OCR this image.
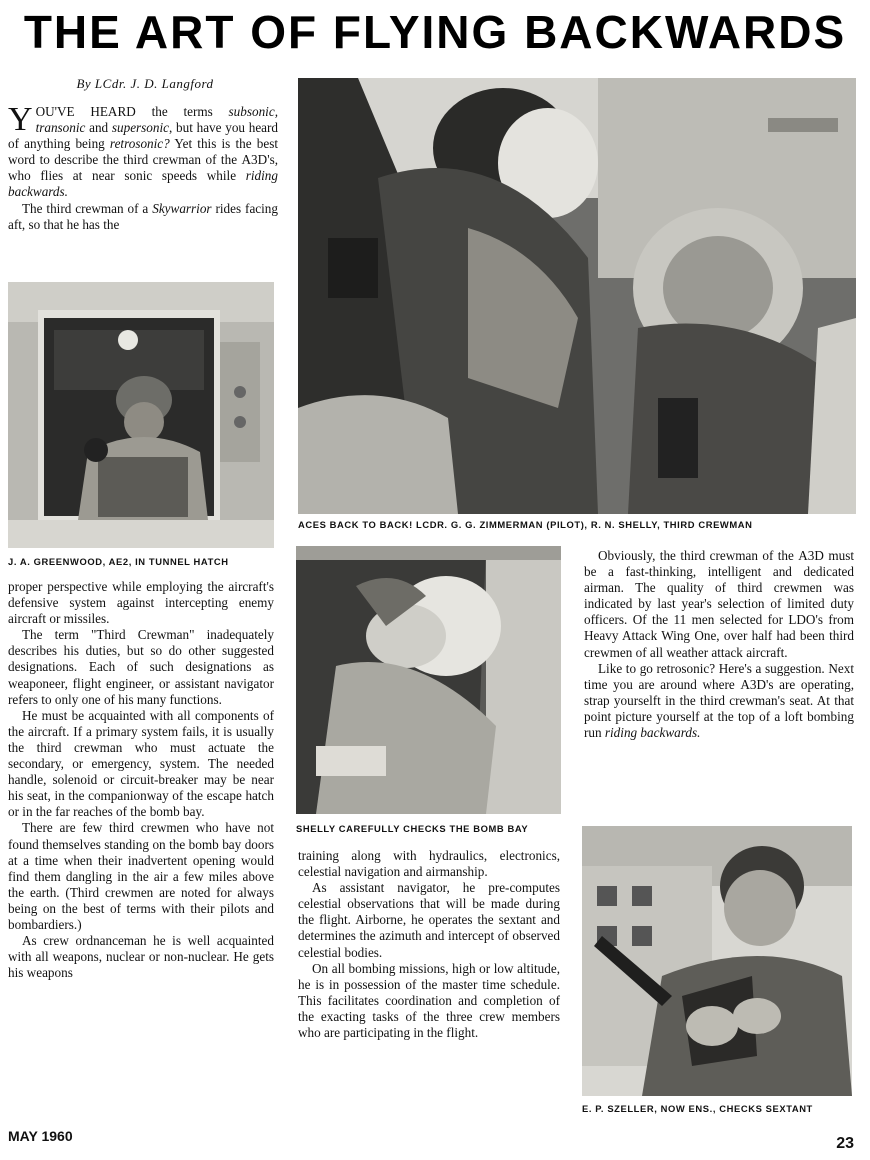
THE ART OF FLYING BACKWARDS
By LCdr. J. D. Langford

YOU'VE HEARD the terms subsonic, transonic and supersonic, but have you heard of anything being retrosonic? Yet this is the best word to describe the third crewman of the A3D's, who flies at near sonic speeds while riding backwards.

The third crewman of a Skywarrior rides facing aft, so that he has the

J. A. GREENWOOD, AE2, IN TUNNEL HATCH
ACES BACK TO BACK! LCDR. G. G. ZIMMERMAN (PILOT), R. N. SHELLY, THIRD CREWMAN

proper perspective while employing the aircraft's defensive system against intercepting enemy aircraft or missiles.

The term "Third Crewman" inadequately describes his duties, but so do other suggested designations. Each of such designations as weaponeer, flight engineer, or assistant navigator refers to only one of his many functions.

He must be acquainted with all components of the aircraft. If a primary system fails, it is usually the third crewman who must actuate the secondary, or emergency, system. The needed handle, solenoid or circuit-breaker may be near his seat, in the companionway of the escape hatch or in the far reaches of the bomb bay.

There are few third crewmen who have not found themselves standing on the bomb bay doors at a time when their inadvertent opening would find them dangling in the air a few miles above the earth. (Third crewmen are noted for always being on the best of terms with their pilots and bombardiers.)

As crew ordnanceman he is well acquainted with all weapons, nuclear or non-nuclear. He gets his weapons

SHELLY CAREFULLY CHECKS THE BOMB BAY

training along with hydraulics, electronics, celestial navigation and airmanship.

As assistant navigator, he pre-computes celestial observations that will be made during the flight. Airborne, he operates the sextant and determines the azimuth and intercept of observed celestial bodies.

On all bombing missions, high or low altitude, he is in possession of the master time schedule. This facilitates coordination and completion of the exacting tasks of the three crew members who are participating in the flight.

Obviously, the third crewman of the A3D must be a fast-thinking, intelligent and dedicated airman. The quality of third crewmen was indicated by last year's selection of limited duty officers. Of the 11 men selected for LDO's from Heavy Attack Wing One, over half had been third crewmen of all weather attack aircraft.

Like to go retrosonic? Here's a suggestion. Next time you are around where A3D's are operating, strap yourselft in the third crewman's seat. At that point picture yourself at the top of a loft bombing run riding backwards.

E. P. SZELLER, NOW ENS., CHECKS SEXTANT
MAY 1960	23
